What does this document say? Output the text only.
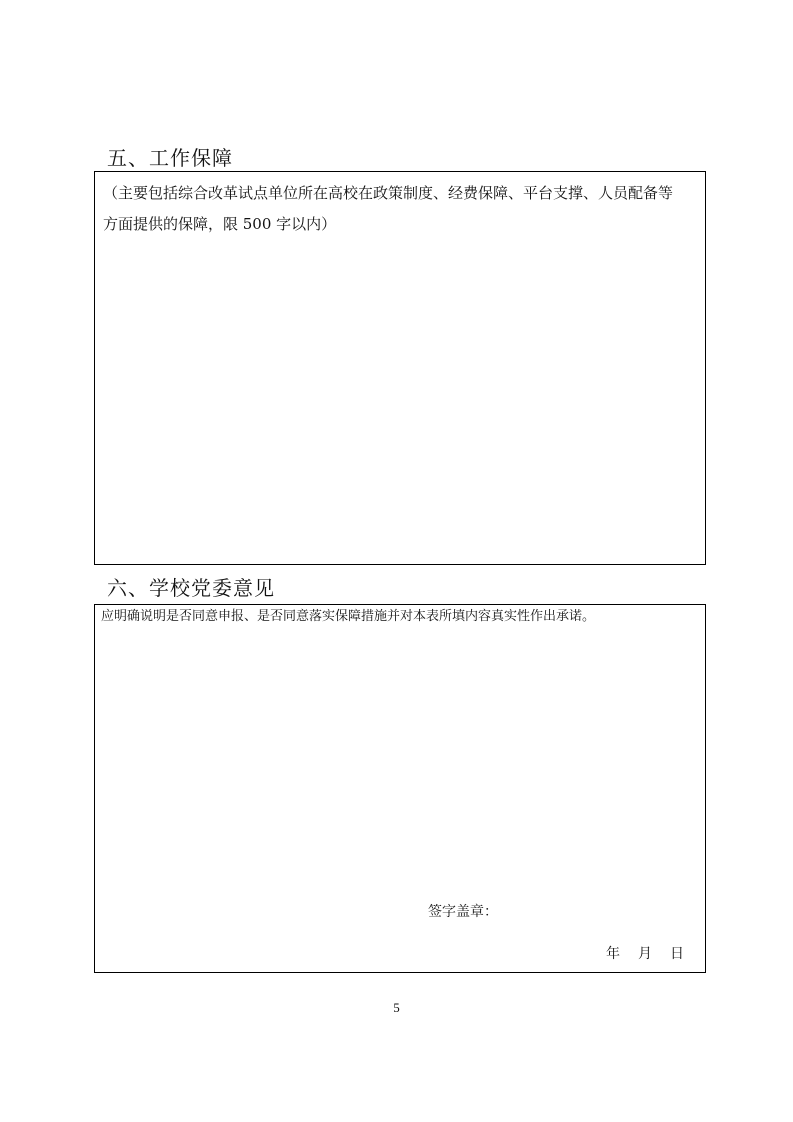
五、工作保障
（主要包括综合改革试点单位所在高校在政策制度、经费保障、平台支撑、人员配备等
方面提供的保障，限 500 字以内）
六、学校党委意见
应明确说明是否同意申报、是否同意落实保障措施并对本表所填内容真实性作出承诺。
签字盖章：
年 月 日
5
